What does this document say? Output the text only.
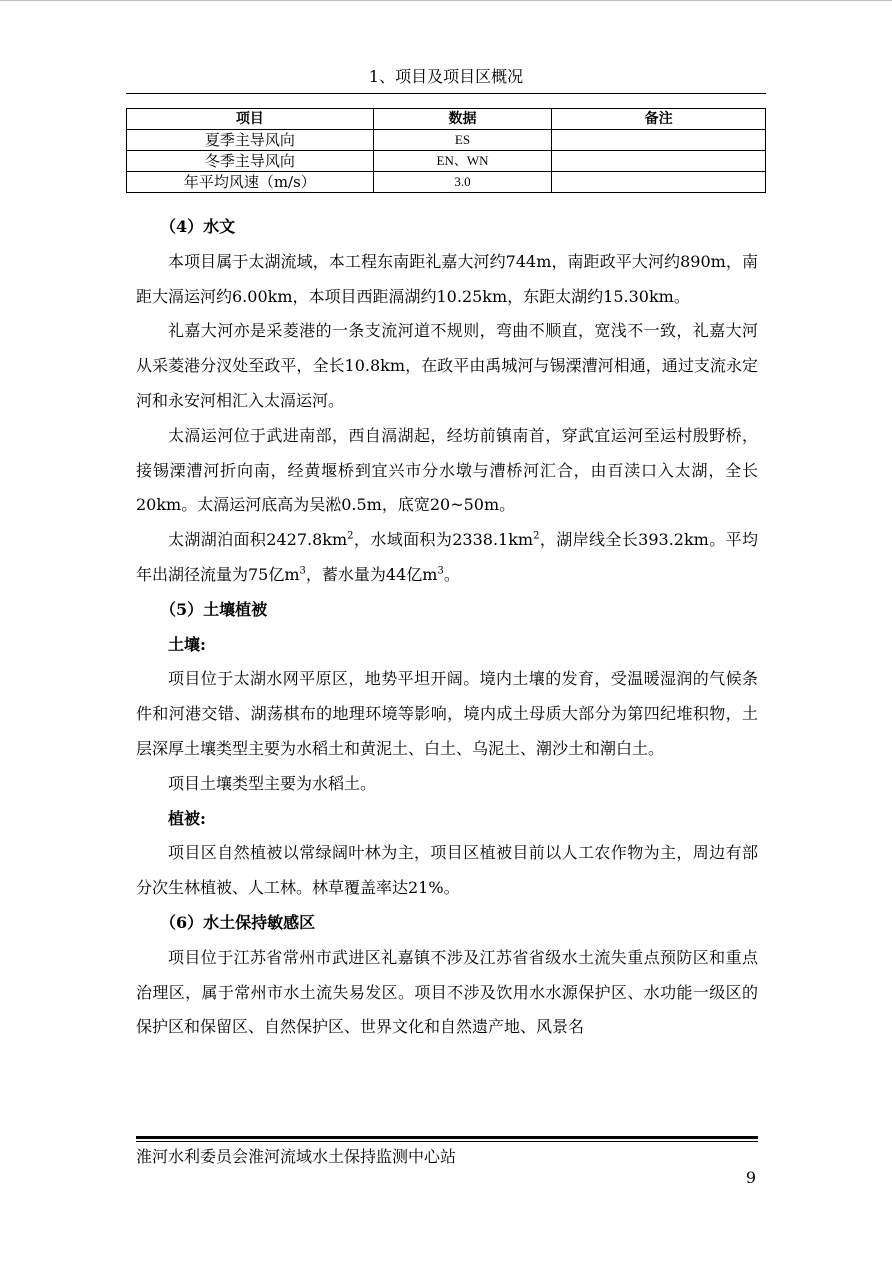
1、项目及项目区概况
项目	数据	备注
夏季主导风向	ES	
冬季主导风向	EN、WN	
年平均风速（m/s）	3.0	
（4）水文

本项目属于太湖流域，本工程东南距礼嘉大河约744m，南距政平大河约890m，南距大滆运河约6.00km，本项目西距滆湖约10.25km，东距太湖约15.30km。

礼嘉大河亦是采菱港的一条支流河道不规则，弯曲不顺直，宽浅不一致，礼嘉大河从采菱港分汊处至政平，全长10.8km，在政平由禹城河与锡溧漕河相通，通过支流永定河和永安河相汇入太滆运河。

太滆运河位于武进南部，西自滆湖起，经坊前镇南首，穿武宜运河至运村殷野桥，接锡溧漕河折向南，经黄堰桥到宜兴市分水墩与漕桥河汇合，由百渎口入太湖，全长20km。太滆运河底高为吴淞0.5m，底宽20~50m。

太湖湖泊面积$2427.8km^2$，水域面积为$2338.1km^2$，湖岸线全长393.2km。平均年出湖径流量为75亿$m^3$，蓄水量为44亿$m^3$。

（5）土壤植被
土壤:

项目位于太湖水网平原区，地势平坦开阔。境内土壤的发育，受温暖湿润的气候条件和河港交错、湖荡棋布的地理环境等影响，境内成土母质大部分为第四纪堆积物，土层深厚土壤类型主要为水稻土和黄泥土、白土、乌泥土、潮沙土和潮白土。

项目土壤类型主要为水稻土。

植被:

项目区自然植被以常绿阔叶林为主，项目区植被目前以人工农作物为主，周边有部分次生林植被、人工林。林草覆盖率达21%。

（6）水土保持敏感区

项目位于江苏省常州市武进区礼嘉镇不涉及江苏省省级水土流失重点预防区和重点治理区，属于常州市水土流失易发区。项目不涉及饮用水水源保护区、水功能一级区的保护区和保留区、自然保护区、世界文化和自然遗产地、风景名

淮河水利委员会淮河流域水土保持监测中心站
9
